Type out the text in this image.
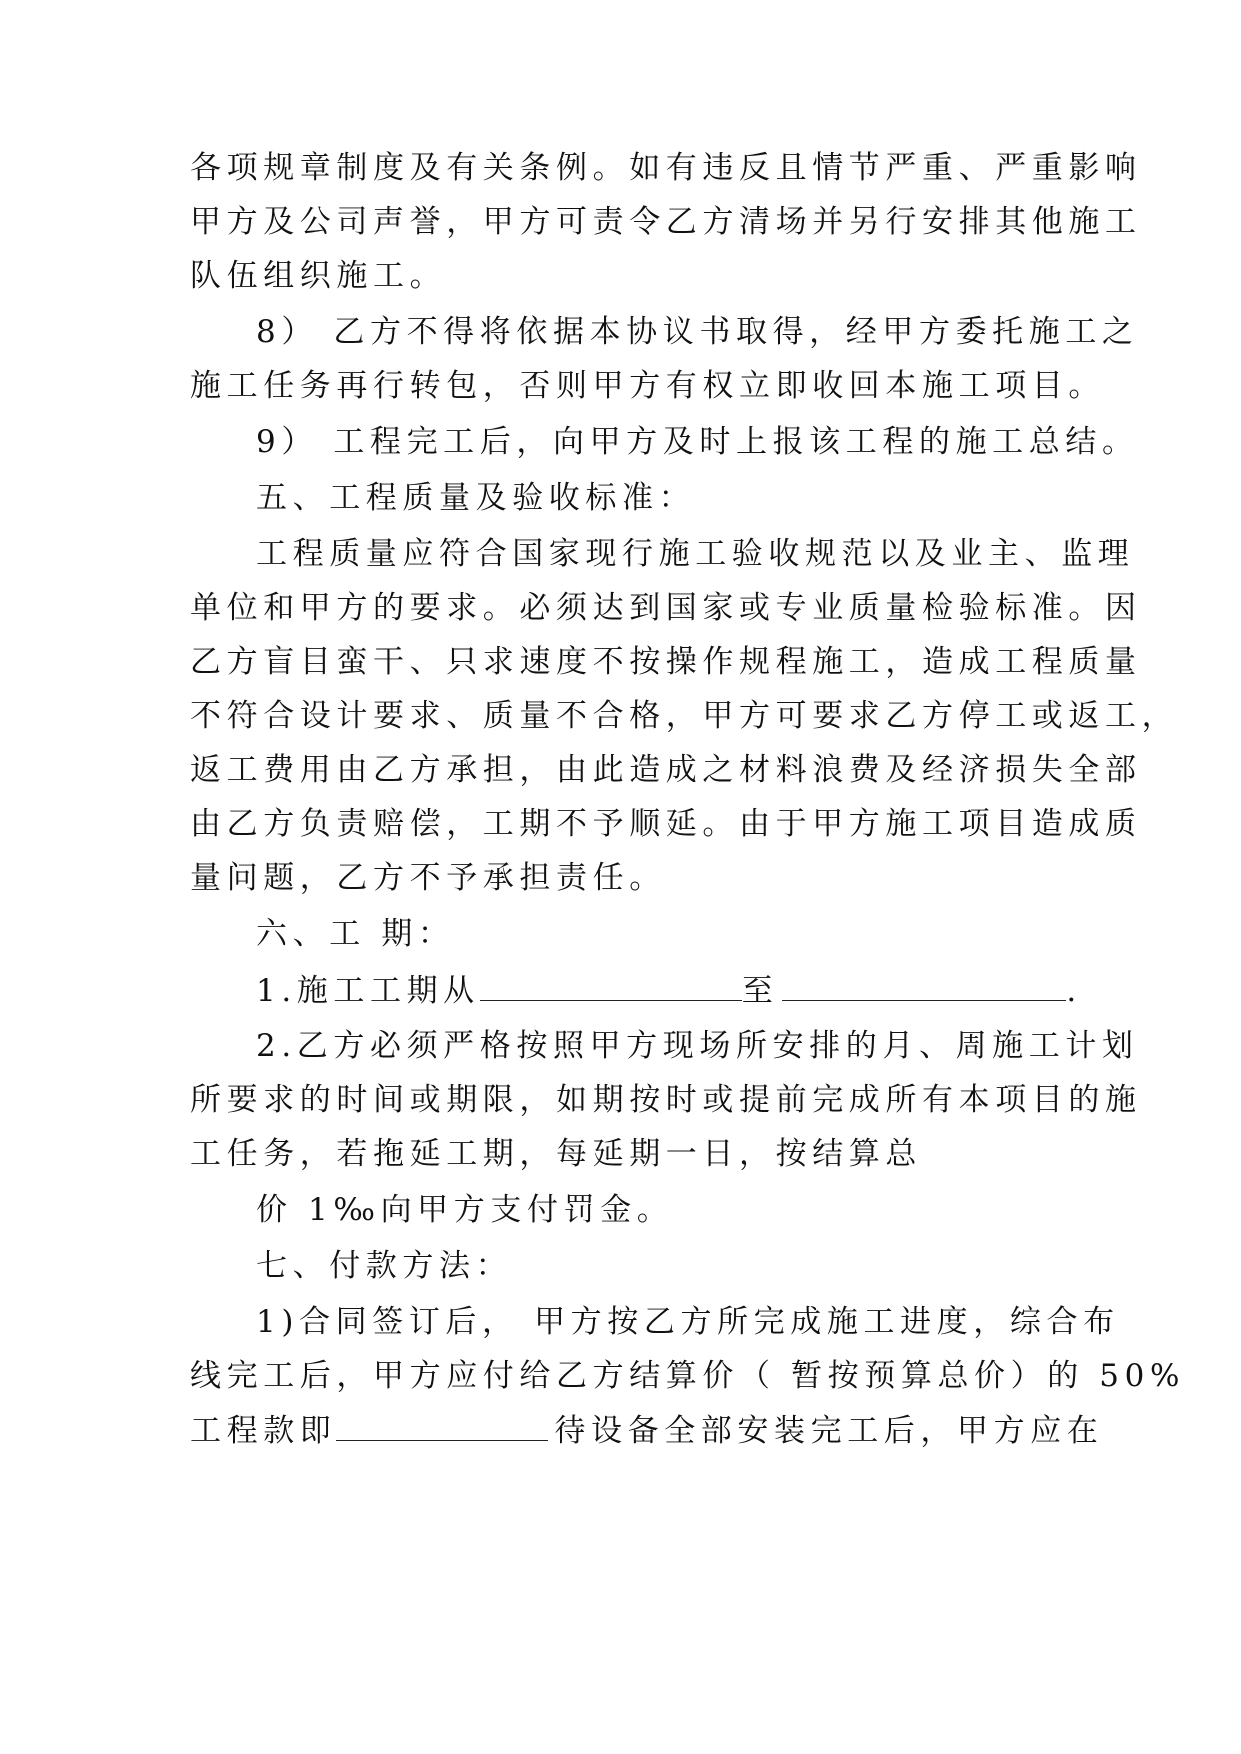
各项规章制度及有关条例。如有违反且情节严重、严重影响
甲方及公司声誉，甲方可责令乙方清场并另行安排其他施工
队伍组织施工。
8） 乙方不得将依据本协议书取得，经甲方委托施工之
施工任务再行转包，否则甲方有权立即收回本施工项目。
9） 工程完工后，向甲方及时上报该工程的施工总结。
五、工程质量及验收标准：
工程质量应符合国家现行施工验收规范以及业主、监理
单位和甲方的要求。必须达到国家或专业质量检验标准。因
乙方盲目蛮干、只求速度不按操作规程施工，造成工程质量
不符合设计要求、质量不合格，甲方可要求乙方停工或返工，
返工费用由乙方承担，由此造成之材料浪费及经济损失全部
由乙方负责赔偿，工期不予顺延。由于甲方施工项目造成质
量问题，乙方不予承担责任。
六、工 期：
1.施工工期从	至	.
2.乙方必须严格按照甲方现场所安排的月、周施工计划
所要求的时间或期限，如期按时或提前完成所有本项目的施
工任务，若拖延工期，每延期一日，按结算总
价 1‰向甲方支付罚金。
七、付款方法：
1)合同签订后， 甲方按乙方所完成施工进度，综合布
线完工后，甲方应付给乙方结算价（ 暂按预算总价）的 50%
工程款即	待设备全部安装完工后，甲方应在
